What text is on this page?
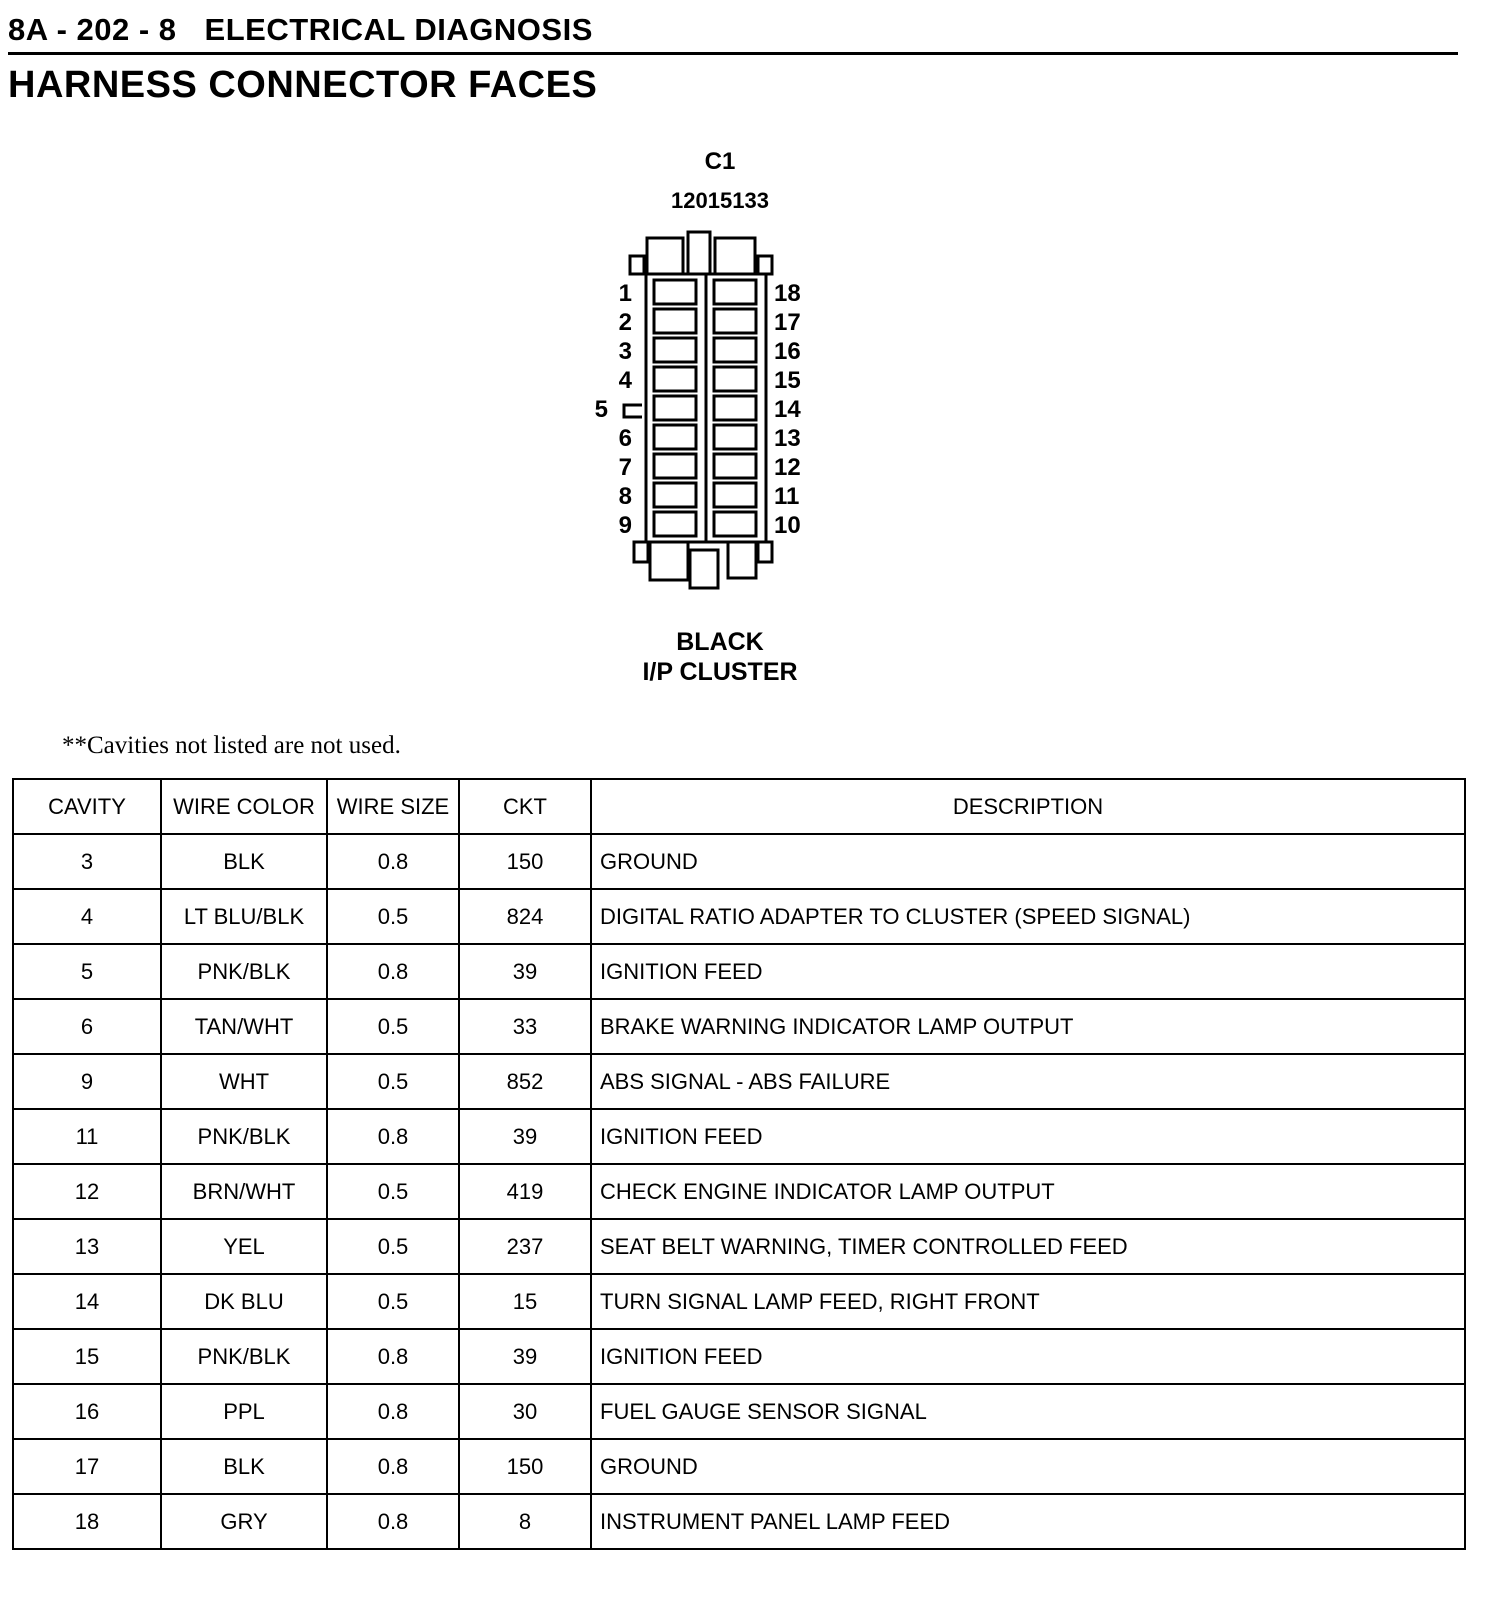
8A - 202 - 8 ELECTRICAL DIAGNOSIS
HARNESS CONNECTOR FACES
C1
12015133
1
2
3
4
5
6
7
8
9
18
17
16
15
14
13
12
11
10
BLACK
I/P CLUSTER
**Cavities not listed are not used.
CAVITY	WIRE COLOR	WIRE SIZE	CKT	DESCRIPTION
3	BLK	0.8	150	GROUND
4	LT BLU/BLK	0.5	824	DIGITAL RATIO ADAPTER TO CLUSTER (SPEED SIGNAL)
5	PNK/BLK	0.8	39	IGNITION FEED
6	TAN/WHT	0.5	33	BRAKE WARNING INDICATOR LAMP OUTPUT
9	WHT	0.5	852	ABS SIGNAL - ABS FAILURE
11	PNK/BLK	0.8	39	IGNITION FEED
12	BRN/WHT	0.5	419	CHECK ENGINE INDICATOR LAMP OUTPUT
13	YEL	0.5	237	SEAT BELT WARNING, TIMER CONTROLLED FEED
14	DK BLU	0.5	15	TURN SIGNAL LAMP FEED, RIGHT FRONT
15	PNK/BLK	0.8	39	IGNITION FEED
16	PPL	0.8	30	FUEL GAUGE SENSOR SIGNAL
17	BLK	0.8	150	GROUND
18	GRY	0.8	8	INSTRUMENT PANEL LAMP FEED
